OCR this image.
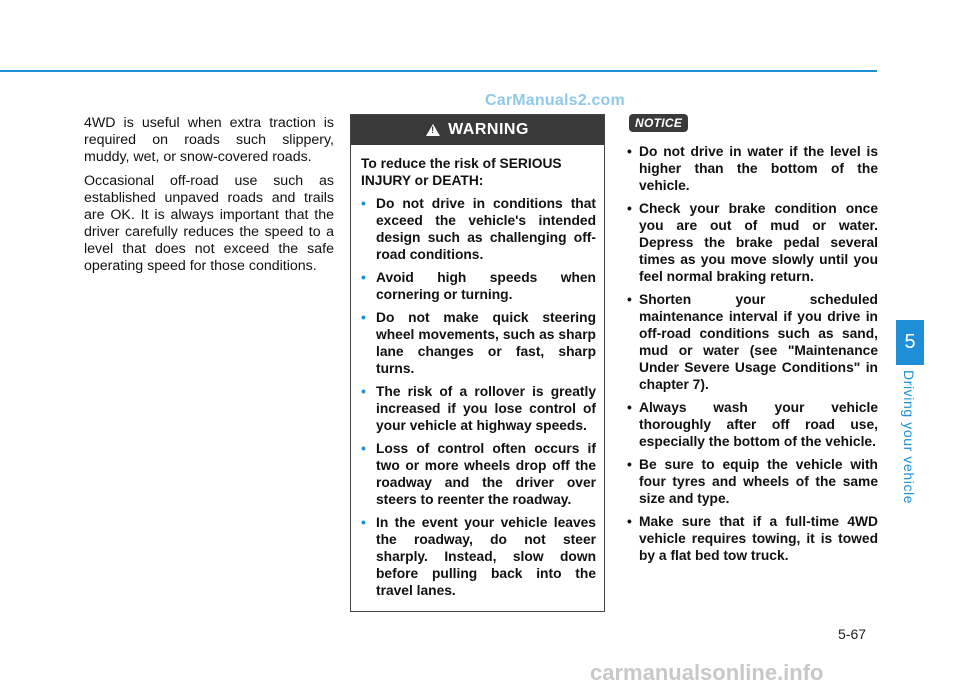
CarManuals2.com

4WD is useful when extra traction is required on roads such slippery, muddy, wet, or snow-covered roads.

Occasional off-road use such as established unpaved roads and trails are OK. It is always important that the driver carefully reduces the speed to a level that does not exceed the safe operating speed for those conditions.

!
WARNING

To reduce the risk of SERIOUS INJURY or DEATH:

• Do not drive in conditions that exceed the vehicle's intended design such as challenging off-road conditions.
• Avoid high speeds when cornering or turning.
• Do not make quick steering wheel movements, such as sharp lane changes or fast, sharp turns.
• The risk of a rollover is greatly increased if you lose control of your vehicle at highway speeds.
• Loss of control often occurs if two or more wheels drop off the roadway and the driver over steers to reenter the roadway.
• In the event your vehicle leaves the roadway, do not steer sharply. Instead, slow down before pulling back into the travel lanes.
NOTICE
• Do not drive in water if the level is higher than the bottom of the vehicle.
• Check your brake condition once you are out of mud or water. Depress the brake pedal several times as you move slowly until you feel normal braking return.
• Shorten your scheduled maintenance interval if you drive in off-road conditions such as sand, mud or water (see "Maintenance Under Severe Usage Conditions" in chapter 7).
• Always wash your vehicle thoroughly after off road use, especially the bottom of the vehicle.
• Be sure to equip the vehicle with four tyres and wheels of the same size and type.
• Make sure that if a full-time 4WD vehicle requires towing, it is towed by a flat bed tow truck.
5
Driving your vehicle
5-67
carmanualsonline.info
